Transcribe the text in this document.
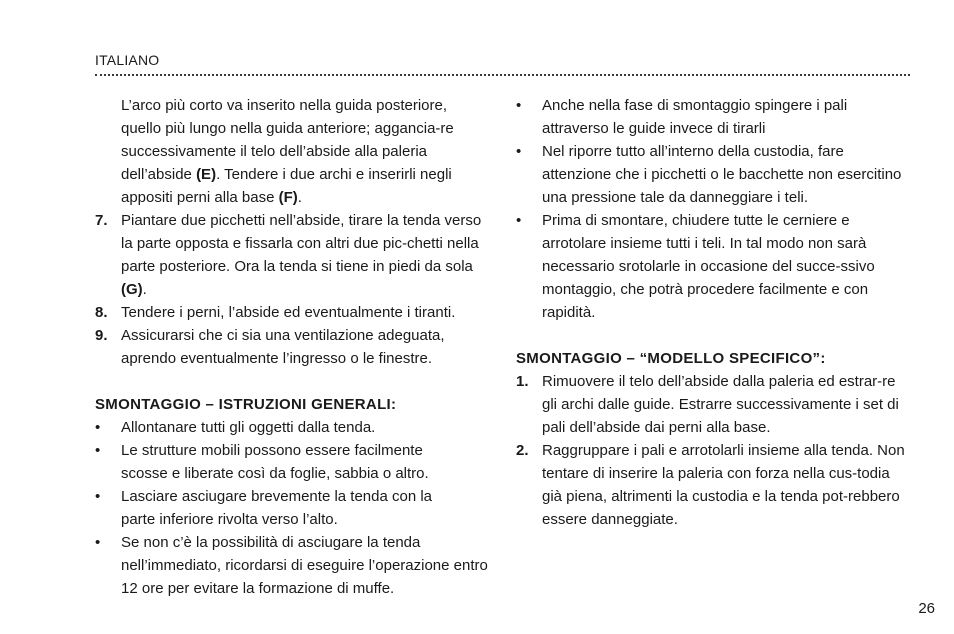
ITALIANO
L’arco più corto va inserito nella guida posteriore, quello più lungo nella guida anteriore; aggancia-re successivamente il telo dell’abside alla paleria dell’abside (E). Tendere i due archi e inserirli negli appositi perni alla base (F).
7. Piantare due picchetti nell’abside, tirare la tenda verso la parte opposta e fissarla con altri due pic-chetti nella parte posteriore. Ora la tenda si tiene in piedi da sola (G).
8. Tendere i perni, l’abside ed eventualmente i tiranti.
9. Assicurarsi che ci sia una ventilazione adeguata, aprendo eventualmente l’ingresso o le finestre.
SMONTAGGIO – ISTRUZIONI GENERALI:
• Allontanare tutti gli oggetti dalla tenda.
• Le strutture mobili possono essere facilmente scosse e liberate così da foglie, sabbia o altro.
• Lasciare asciugare brevemente la tenda con la parte inferiore rivolta verso l’alto.
• Se non c’è la possibilità di asciugare la tenda nell’immediato, ricordarsi di eseguire l’operazione entro 12 ore per evitare la formazione di muffe.
• Anche nella fase di smontaggio spingere i pali attraverso le guide invece di tirarli
• Nel riporre tutto all’interno della custodia, fare attenzione che i picchetti o le bacchette non esercitino una pressione tale da danneggiare i teli.
• Prima di smontare, chiudere tutte le cerniere e arrotolare insieme tutti i teli. In tal modo non sarà necessario srotolarle in occasione del succe-ssivo montaggio, che potrà procedere facilmente e con rapidità.
SMONTAGGIO – “MODELLO SPECIFICO”:
1. Rimuovere il telo dell’abside dalla paleria ed estrar-re gli archi dalle guide. Estrarre successivamente i set di pali dell’abside dai perni alla base.
2. Raggruppare i pali e arrotolarli insieme alla tenda. Non tentare di inserire la paleria con forza nella cus-todia già piena, altrimenti la custodia e la tenda pot-rebbero essere danneggiate.
26
